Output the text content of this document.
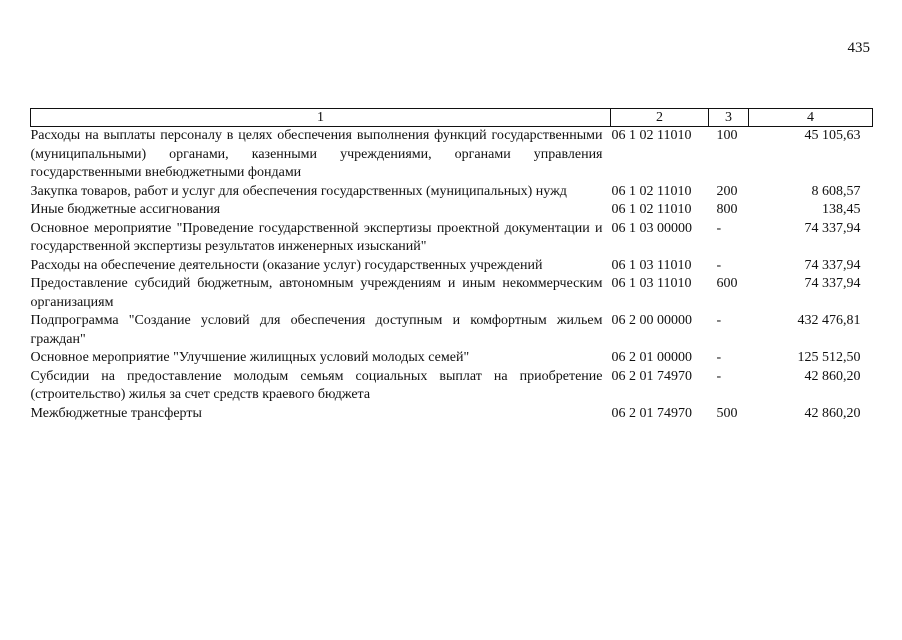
435
1	2	3	4
Расходы на выплаты персоналу в целях обеспечения выполнения функций государственными (муниципальными) органами, казенными учреждениями, органами управления государственными внебюджетными фондами	06 1 02 11010	100	45 105,63
Закупка товаров, работ и услуг для обеспечения государственных (муниципальных) нужд	06 1 02 11010	200	8 608,57
Иные бюджетные ассигнования	06 1 02 11010	800	138,45
Основное мероприятие "Проведение государственной экспертизы проектной документации и государственной экспертизы результатов инженерных изысканий"	06 1 03 00000	-	74 337,94
Расходы на обеспечение деятельности (оказание услуг) государственных учреждений	06 1 03 11010	-	74 337,94
Предоставление субсидий бюджетным, автономным учреждениям и иным некоммерческим организациям	06 1 03 11010	600	74 337,94
Подпрограмма "Создание условий для обеспечения доступным и комфортным жильем граждан"	06 2 00 00000	-	432 476,81
Основное мероприятие "Улучшение жилищных условий молодых семей"	06 2 01 00000	-	125 512,50
Субсидии на предоставление молодым семьям социальных выплат на приобретение (строительство) жилья за счет средств краевого бюджета	06 2 01 74970	-	42 860,20
Межбюджетные трансферты	06 2 01 74970	500	42 860,20
